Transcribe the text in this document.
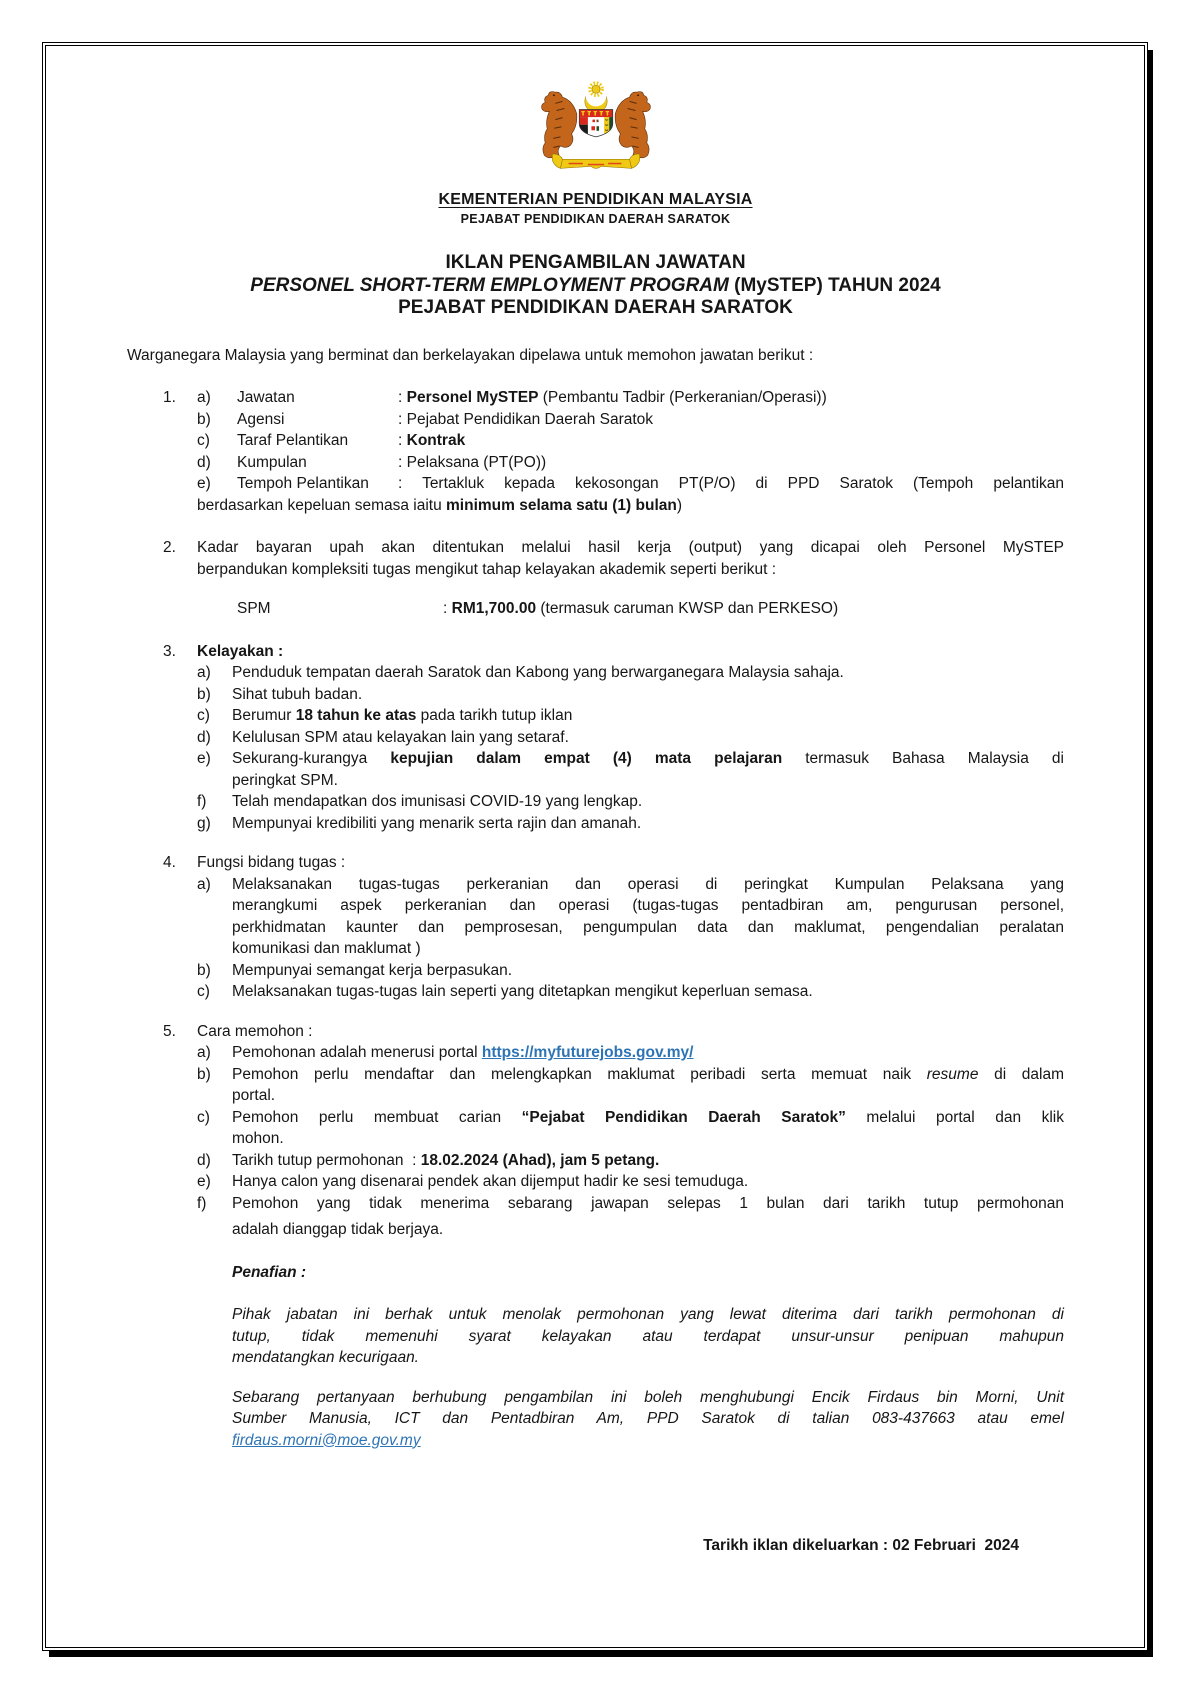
KEMENTERIAN PENDIDIKAN MALAYSIA
PEJABAT PENDIDIKAN DAERAH SARATOK
IKLAN PENGAMBILAN JAWATAN
PERSONEL SHORT-TERM EMPLOYMENT PROGRAM (MySTEP) TAHUN 2024
PEJABAT PENDIDIKAN DAERAH SARATOK
Warganegara Malaysia yang berminat dan berkelayakan dipelawa untuk memohon jawatan berikut :
1.	a)	Jawatan	: Personel MySTEP (Pembantu Tadbir (Perkeranian/Operasi))
b)	Agensi	: Pejabat Pendidikan Daerah Saratok
c)	Taraf Pelantikan	: Kontrak
d)	Kumpulan	: Pelaksana (PT(PO))
e)	Tempoh Pelantikan	: Tertakluk kepada kekosongan PT(P/O) di PPD Saratok (Tempoh pelantikan
berdasarkan kepeluan semasa iaitu minimum selama satu (1) bulan)
2.	Kadar bayaran upah akan ditentukan melalui hasil kerja (output) yang dicapai oleh Personel MySTEP
berpandukan kompleksiti tugas mengikut tahap kelayakan akademik seperti berikut :
SPM	: RM1,700.00 (termasuk caruman KWSP dan PERKESO)
3.	Kelayakan :
a)	Penduduk tempatan daerah Saratok dan Kabong yang berwarganegara Malaysia sahaja.
b)	Sihat tubuh badan.
c)	Berumur 18 tahun ke atas pada tarikh tutup iklan
d)	Kelulusan SPM atau kelayakan lain yang setaraf.
e)	Sekurang-kurangya kepujian dalam empat (4) mata pelajaran termasuk Bahasa Malaysia di
peringkat SPM.
f)	Telah mendapatkan dos imunisasi COVID-19 yang lengkap.
g)	Mempunyai kredibiliti yang menarik serta rajin dan amanah.
4.	Fungsi bidang tugas :
a)	Melaksanakan tugas-tugas perkeranian dan operasi di peringkat Kumpulan Pelaksana yang
merangkumi aspek perkeranian dan operasi (tugas-tugas pentadbiran am, pengurusan personel,
perkhidmatan kaunter dan pemprosesan, pengumpulan data dan maklumat, pengendalian peralatan
komunikasi dan maklumat )
b)	Mempunyai semangat kerja berpasukan.
c)	Melaksanakan tugas-tugas lain seperti yang ditetapkan mengikut keperluan semasa.
5.	Cara memohon :
a)	Pemohonan adalah menerusi portal https://myfuturejobs.gov.my/
b)	Pemohon perlu mendaftar dan melengkapkan maklumat peribadi serta memuat naik resume di dalam
portal.
c)	Pemohon perlu membuat carian “Pejabat Pendidikan Daerah Saratok” melalui portal dan klik
mohon.
d)	Tarikh tutup permohonan  : 18.02.2024 (Ahad), jam 5 petang.
e)	Hanya calon yang disenarai pendek akan dijemput hadir ke sesi temuduga.
f)	Pemohon yang tidak menerima sebarang jawapan selepas 1 bulan dari tarikh tutup permohonan
adalah dianggap tidak berjaya.
Penafian :
Pihak jabatan ini berhak untuk menolak permohonan yang lewat diterima dari tarikh permohonan di
tutup, tidak memenuhi syarat kelayakan atau terdapat unsur-unsur penipuan mahupun
mendatangkan kecurigaan.
Sebarang pertanyaan berhubung pengambilan ini boleh menghubungi Encik Firdaus bin Morni, Unit
Sumber Manusia, ICT dan Pentadbiran Am, PPD Saratok di talian 083-437663 atau emel
firdaus.morni@moe.gov.my
Tarikh iklan dikeluarkan : 02 Februari  2024
